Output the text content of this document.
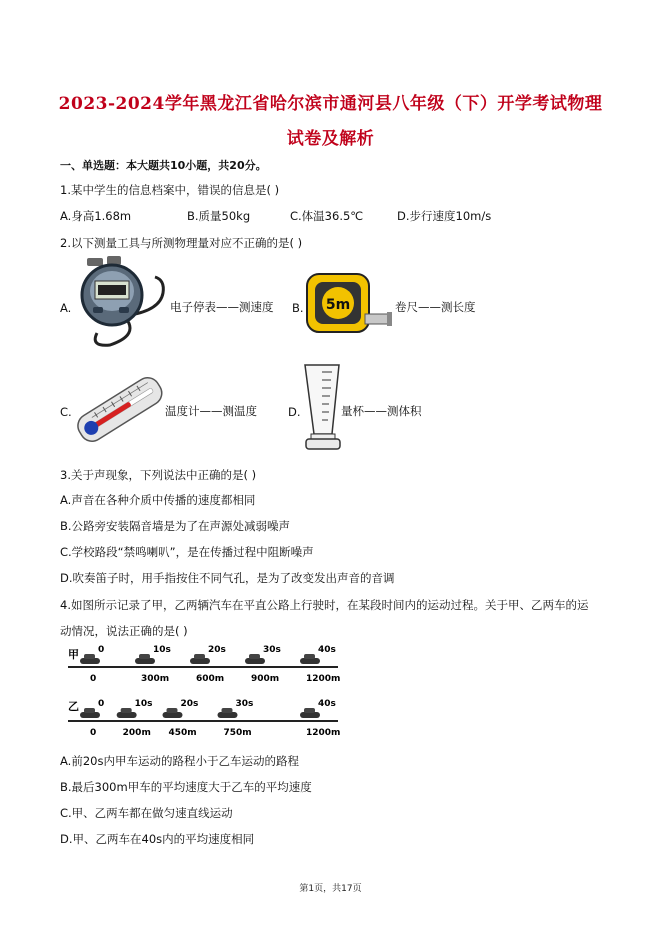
2023-2024学年黑龙江省哈尔滨市通河县八年级（下）开学考试物理
试卷及解析
一、单选题：本大题共10小题，共20分。
1.某中学生的信息档案中，错误的信息是( )
A.身高1.68m	B.质量50kg	C.体温36.5℃	D.步行速度10m/s
2.以下测量工具与所测物理量对应不正确的是( )
A.	电子停表——测速度 B. 5m	卷尺——测长度
C.	温度计——测温度	D.	量杯——测体积
3.关于声现象，下列说法中正确的是( )
A.声音在各种介质中传播的速度都相同
B.公路旁安装隔音墙是为了在声源处减弱噪声
C.学校路段“禁鸣喇叭”，是在传播过程中阻断噪声
D.吹奏笛子时，用手指按住不同气孔，是为了改变发出声音的音调
4.如图所示记录了甲，乙两辆汽车在平直公路上行驶时，在某段时间内的运动过程。关于甲、乙两车的运
动情况，说法正确的是( )
甲 0
0
10s
300m
20s
600m
30s
900m
40s
1200m
乙 0
0
10s
200m
20s
450m
30s
750m
40s
1200m
A.前20s内甲车运动的路程小于乙车运动的路程
B.最后300m甲车的平均速度大于乙车的平均速度
C.甲、乙两车都在做匀速直线运动
D.甲、乙两车在40s内的平均速度相同
第1页，共17页
